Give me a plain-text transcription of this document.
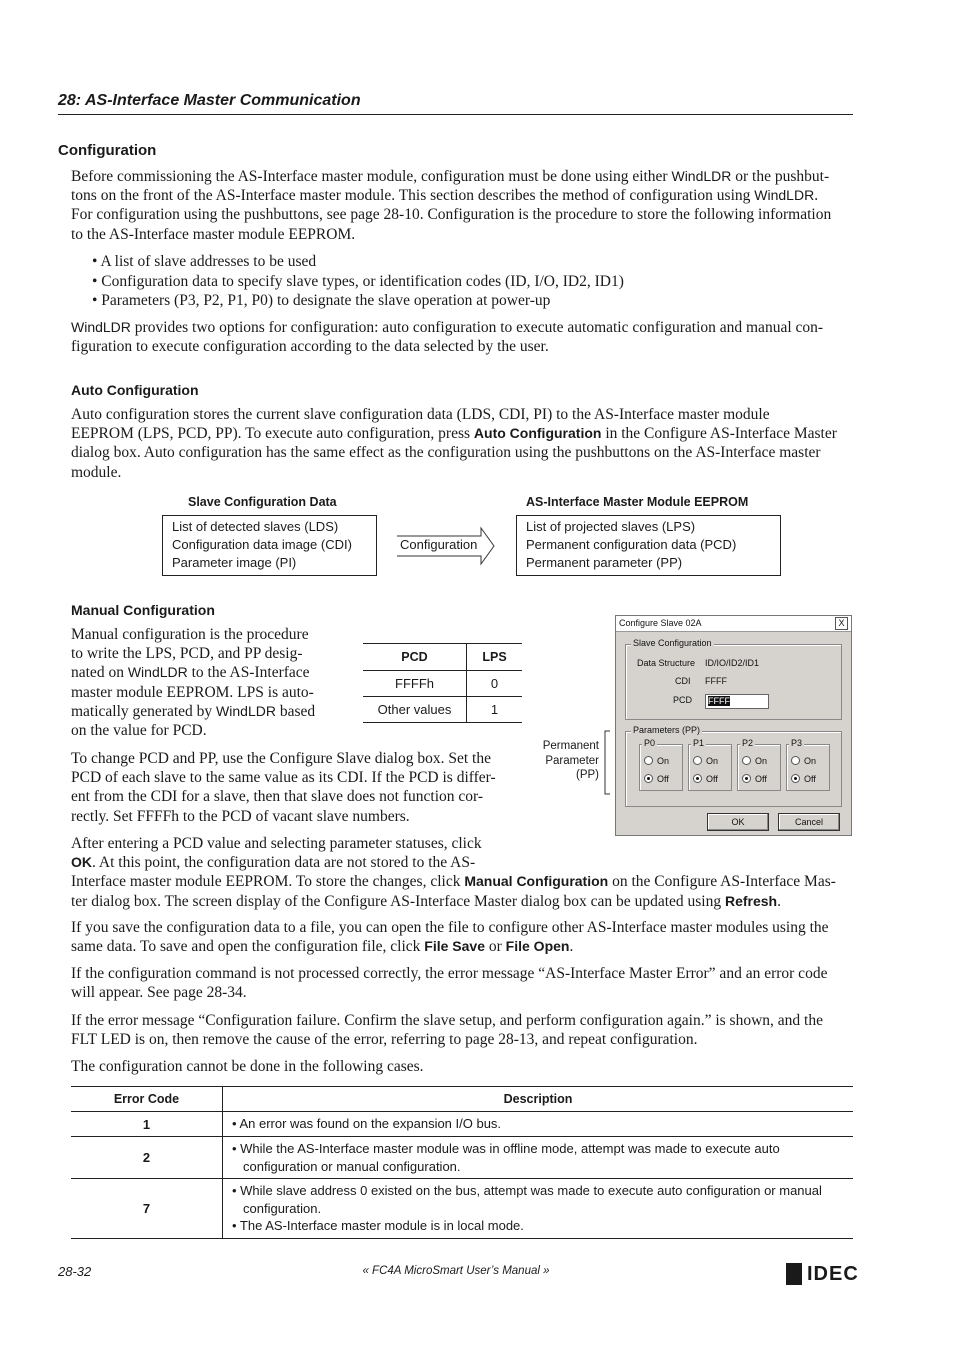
28: AS-Interface Master Communication
Configuration
Before commissioning the AS-Interface master module, configuration must be done using either WindLDR or the pushbut-
tons on the front of the AS-Interface master module. This section describes the method of configuration using WindLDR.
For configuration using the pushbuttons, see page 28-10. Configuration is the procedure to store the following information
to the AS-Interface master module EEPROM.
• A list of slave addresses to be used
• Configuration data to specify slave types, or identification codes (ID, I/O, ID2, ID1)
• Parameters (P3, P2, P1, P0) to designate the slave operation at power-up
WindLDR provides two options for configuration: auto configuration to execute automatic configuration and manual con-
figuration to execute configuration according to the data selected by the user.
Auto Configuration
Auto configuration stores the current slave configuration data (LDS, CDI, PI) to the AS-Interface master module
EEPROM (LPS, PCD, PP). To execute auto configuration, press Auto Configuration in the Configure AS-Interface Master
dialog box. Auto configuration has the same effect as the configuration using the pushbuttons on the AS-Interface master
module.
Slave Configuration Data
List of detected slaves (LDS)
Configuration data image (CDI)
Parameter image (PI)
Configuration
AS-Interface Master Module EEPROM
List of projected slaves (LPS)
Permanent configuration data (PCD)
Permanent parameter (PP)
Manual Configuration
Manual configuration is the procedure
to write the LPS, PCD, and PP desig-
nated on WindLDR to the AS-Interface
master module EEPROM. LPS is auto-
matically generated by WindLDR based
on the value for PCD.
PCD	LPS
FFFFh	0
Other values	1
To change PCD and PP, use the Configure Slave dialog box. Set the
PCD of each slave to the same value as its CDI. If the PCD is differ-
ent from the CDI for a slave, then that slave does not function cor-
rectly. Set FFFFh to the PCD of vacant slave numbers.
Configure Slave 02A	X
Slave Configuration
Data Structure ID/IO/ID2/ID1
CDI FFFF
PCD	FFFF
Parameters (PP)
P0
On
Off
P1
On
Off
P2
On
Off
P3
On
Off
OK	Cancel
Permanent
Parameter
(PP)
After entering a PCD value and selecting parameter statuses, click
OK. At this point, the configuration data are not stored to the AS-
Interface master module EEPROM. To store the changes, click Manual Configuration on the Configure AS-Interface Mas-
ter dialog box. The screen display of the Configure AS-Interface Master dialog box can be updated using Refresh.
If you save the configuration data to a file, you can open the file to configure other AS-Interface master modules using the
same data. To save and open the configuration file, click File Save or File Open.
If the configuration command is not processed correctly, the error message “AS-Interface Master Error” and an error code
will appear. See page 28-34.
If the error message “Configuration failure. Confirm the slave setup, and perform configuration again.” is shown, and the
FLT LED is on, then remove the cause of the error, referring to page 28-13, and repeat configuration.
The configuration cannot be done in the following cases.
Error Code	Description
1	• An error was found on the expansion I/O bus.

2	• While the AS-Interface master module was in offline mode, attempt was made to execute auto configuration or manual configuration.

7	• While slave address 0 existed on the bus, attempt was made to execute auto configuration or manual configuration.
• The AS-Interface master module is in local mode.
28-32	« FC4A MicroSmart User’s Manual »	IDEC
